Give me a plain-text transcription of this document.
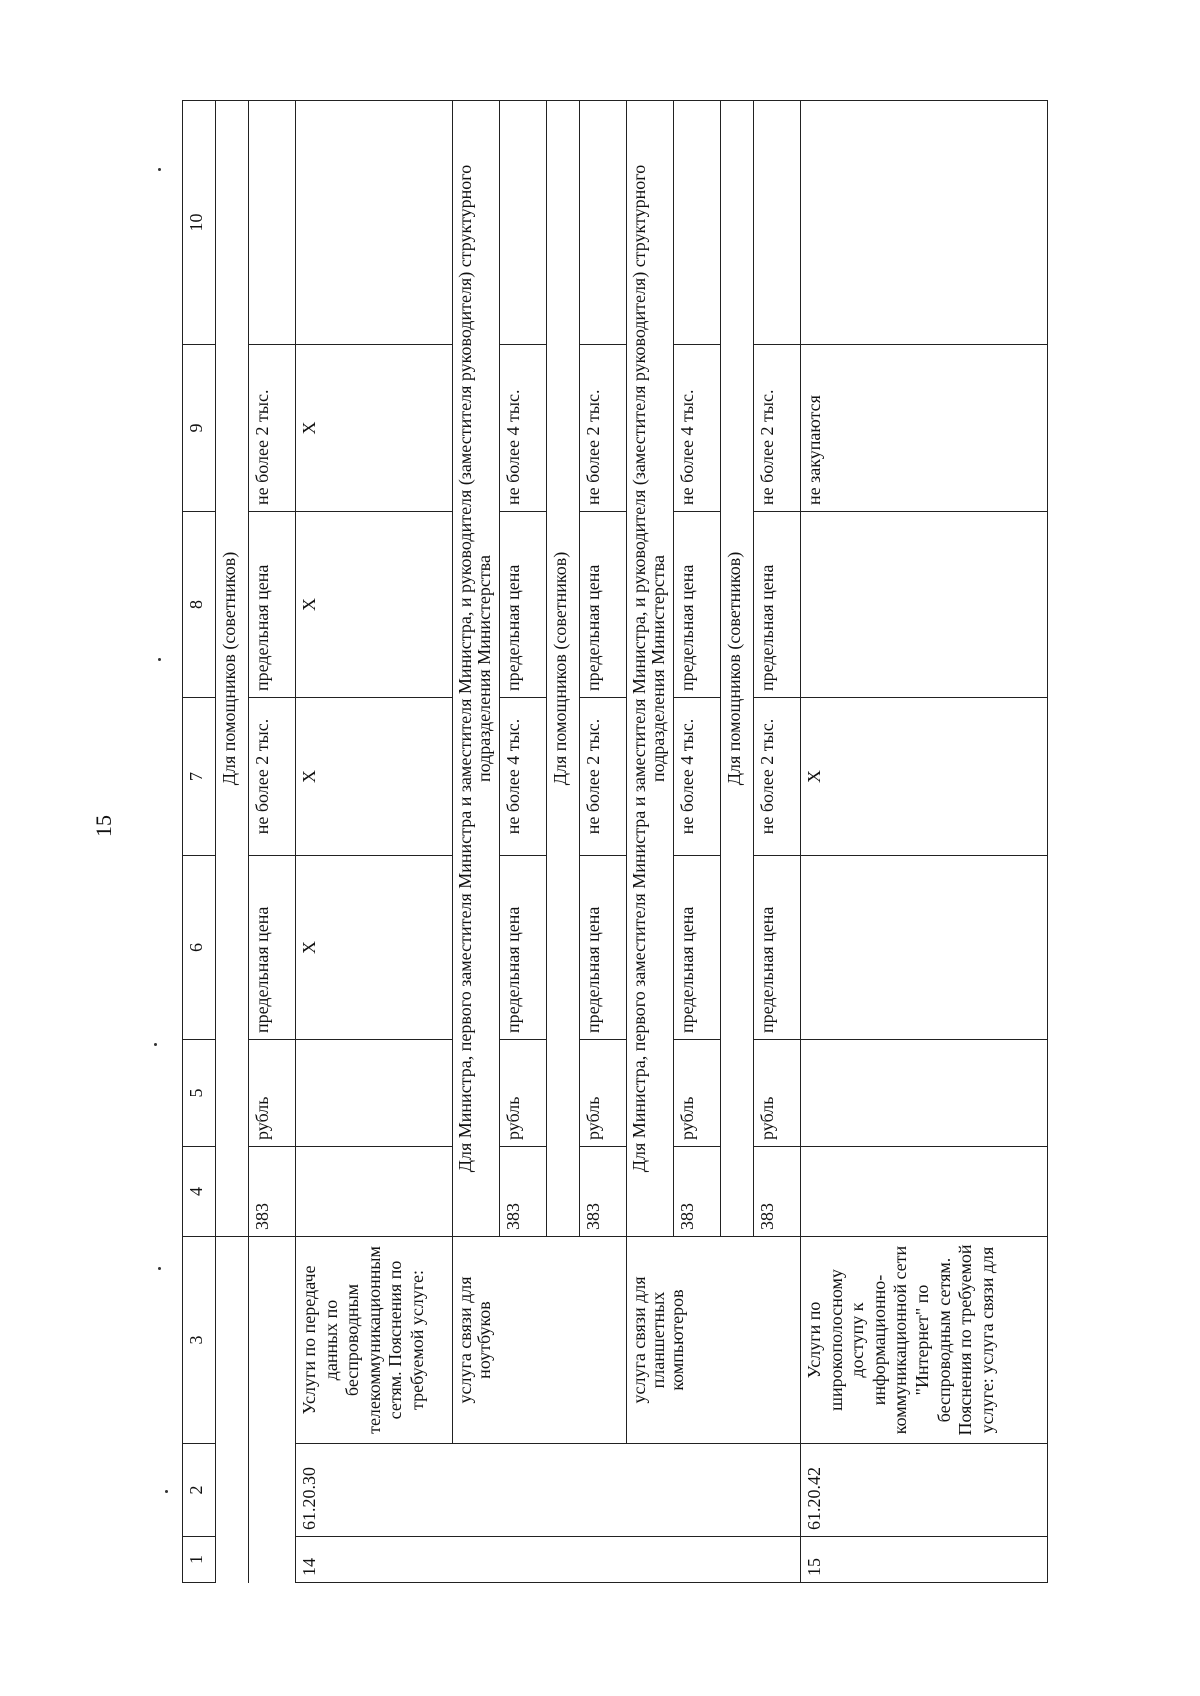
15
1	2	3	4	5	6	7	8	9	10
			Для помощников (советников)						
			383	рубль	предельная цена	не более 2 тыс.	предельная цена	не более 2 тыс.	
14	61.20.30	Услуги по передаче данных по беспроводным телекоммуникационным сетям. Пояснения по требуемой услуге:			X	X	X	X	
		услуга связи для ноутбуков	Для Министра, первого заместителя Министра и заместителя Министра, и руководителя (заместителя руководителя) структурного подразделения Министерства						
			383	рубль	предельная цена	не более 4 тыс.	предельная цена	не более 4 тыс.	
			Для помощников (советников)						
			383	рубль	предельная цена	не более 2 тыс.	предельная цена	не более 2 тыс.	
		услуга связи для планшетных компьютеров	Для Министра, первого заместителя Министра и заместителя Министра, и руководителя (заместителя руководителя) структурного подразделения Министерства						
			383	рубль	предельная цена	не более 4 тыс.	предельная цена	не более 4 тыс.	
			Для помощников (советников)						
			383	рубль	предельная цена	не более 2 тыс.	предельная цена	не более 2 тыс.	
15	61.20.42	Услуги по широкополосному доступу к информационно-коммуникационной сети "Интернет" по беспроводным сетям. Пояснения по требуемой услуге: услуга связи для				X		не закупаются	
